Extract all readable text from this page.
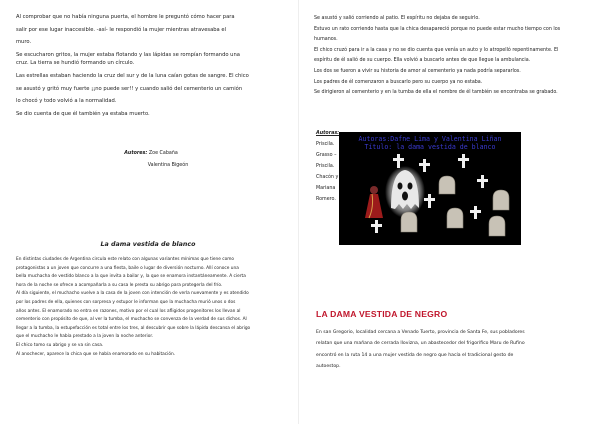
Al comprobar que no había ninguna puerta, el hombre le preguntó cómo hacer para

salir por ese lugar inaccesible. -así- le respondió la mujer mientras atravesaba el

muro.

Se escucharon gritos, la mujer estaba flotando y las lápidas se rompían formando una

cruz. La tierra se hundió formando un círculo.

Las estrellas estaban haciendo la cruz del sur y de la luna caían gotas de sangre. El chico

se asustó y gritó muy fuerte ¡¡no puede ser!! y cuando salió del cementerio un camión

lo chocó y todo volvió a la normalidad.

Se dio cuenta de que él también ya estaba muerto.

Autores: Zoe Cabaña
Valentina Bigeón
La dama vestida de blanco

En distintas ciudades de Argentina circula este relato con algunas variantes mínimas que tiene como

protagonistas a un joven que concurre a una fiesta, baile o lugar de diversión nocturno. Allí conoce una

bella muchacha de vestido blanco a la que invita a bailar y, la que se enamora instantáneamente. A cierta

hora de la noche se ofrece a acompañarla a su casa le presta su abrigo para protegerla del frío.

Al día siguiente, el muchacho vuelve a la casa de la joven con intención de verla nuevamente y es atendido

por los padres de ella, quienes con sorpresa y estupor le informan que la muchacha murió unos o dos

años antes. El enamorado no entra en razones, motivo por el cual los afligidos progenitores los llevan al

cementerio con propósito de que, al ver la tumba, el muchacho se convenza de la verdad de sus dichos. Al

llegar a la tumba, la estupefacción es total entre los tres, al descubrir que sobre la lápida descansa el abrigo

que el muchacho le había prestado a la joven la noche anterior.

El chico tomo su abrigo y se va sin casa.

Al anochecer, aparece la chica que se había enamorado en su habitación.

Se asustó y salió corriendo al patio. El espíritu no dejaba de seguirlo.

Estuvo un rato corriendo hasta que la chica desapareció porque no puede estar mucho tiempo con los

humanos.

El chico cruzó para ir a la casa y no se dio cuenta que venía un auto y lo atropelló repentinamente. El

espíritu de él salió de su cuerpo. Ella volvió a buscarlo antes de que llegue la ambulancia.

Los dos se fueron a vivir su historia de amor al cementerio ya nada podría separarlos.

Los padres de él comenzaron a buscarlo pero su cuerpo ya no estaba.

Se dirigieron al cementerio y en la tumba de ella el nombre de él también se encontraba se grabado.

Autoras:
Priscila.
Grasso –
Priscila.
Chacón y
Mariana
Romero.
Autoras:Dafne Lima y Valentina Liñan
Título: la dama vestida de blanco
LA DAMA VESTIDA DE NEGRO

En san Gregorio, localidad cercana a Venado Tuerto, provincia de Santa Fe, sus pobladores

relatan que una mañana de cerrada llovizna, un abastecedor del frigorífico Maru de Rufino

encontró en la ruta 14 a una mujer vestida de negro que hacía el tradicional gesto de

autoestop.
